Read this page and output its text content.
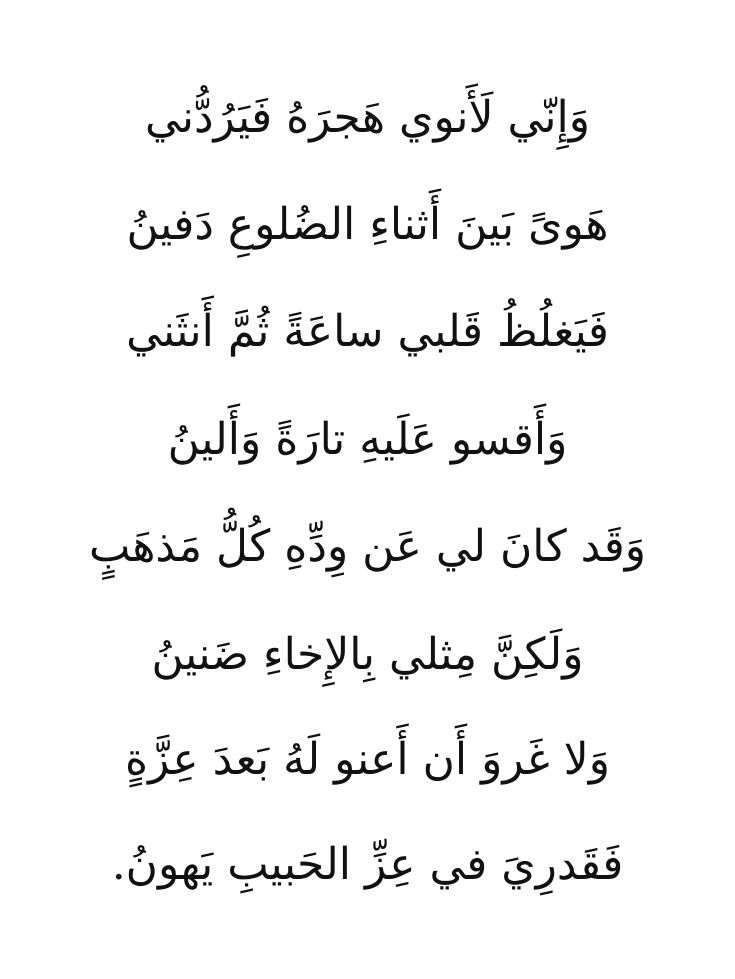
وَإِنّي لَأَنوي هَجرَهُ فَيَرُدُّني
هَوىً بَينَ أَثناءِ الضُلوعِ دَفينُ
فَيَغلُظُ قَلبي ساعَةً ثُمَّ أَنثَني
وَأَقسو عَلَيهِ تارَةً وَأَلينُ
وَقَد كانَ لي عَن وِدِّهِ كُلُّ مَذهَبٍ
وَلَكِنَّ مِثلي بِالإِخاءِ ضَنينُ
وَلا غَروَ أَن أَعنو لَهُ بَعدَ عِزَّةٍ
فَقَدرِيَ في عِزِّ الحَبيبِ يَهونُ.
